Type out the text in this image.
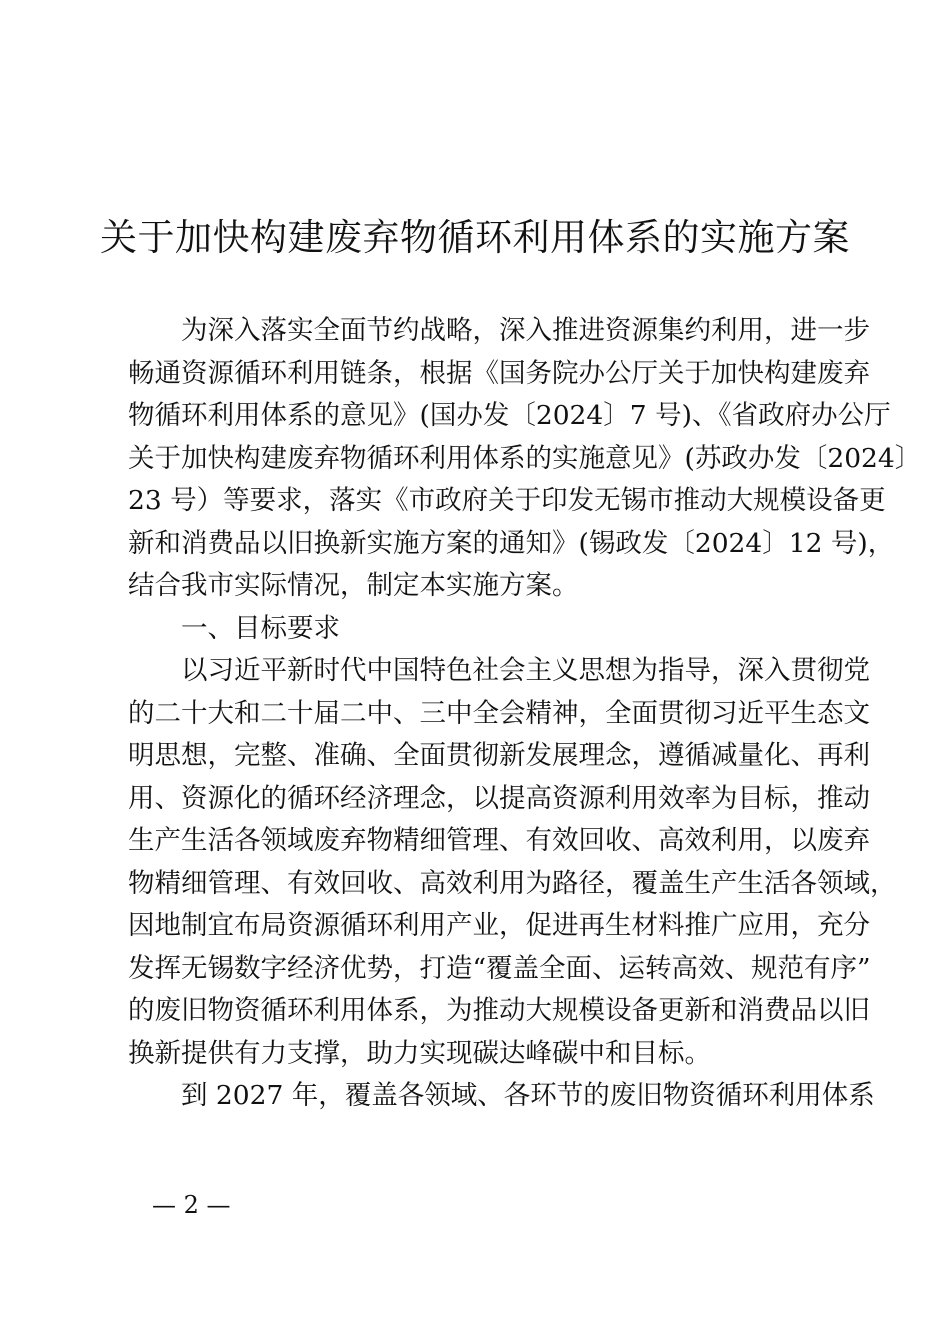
关于加快构建废弃物循环利用体系的实施方案
为深入落实全面节约战略，深入推进资源集约利用，进一步
畅通资源循环利用链条，根据《国务院办公厅关于加快构建废弃
物循环利用体系的意见》(国办发〔2024〕7 号)、《省政府办公厅
关于加快构建废弃物循环利用体系的实施意见》(苏政办发〔2024〕
23 号）等要求，落实《市政府关于印发无锡市推动大规模设备更
新和消费品以旧换新实施方案的通知》(锡政发〔2024〕12 号)，
结合我市实际情况，制定本实施方案。
一、目标要求
以习近平新时代中国特色社会主义思想为指导，深入贯彻党
的二十大和二十届二中、三中全会精神，全面贯彻习近平生态文
明思想，完整、准确、全面贯彻新发展理念，遵循减量化、再利
用、资源化的循环经济理念，以提高资源利用效率为目标，推动
生产生活各领域废弃物精细管理、有效回收、高效利用，以废弃
物精细管理、有效回收、高效利用为路径，覆盖生产生活各领域，
因地制宜布局资源循环利用产业，促进再生材料推广应用，充分
发挥无锡数字经济优势，打造“覆盖全面、运转高效、规范有序”
的废旧物资循环利用体系，为推动大规模设备更新和消费品以旧
换新提供有力支撑，助力实现碳达峰碳中和目标。
到 2027 年，覆盖各领域、各环节的废旧物资循环利用体系
— 2 —
